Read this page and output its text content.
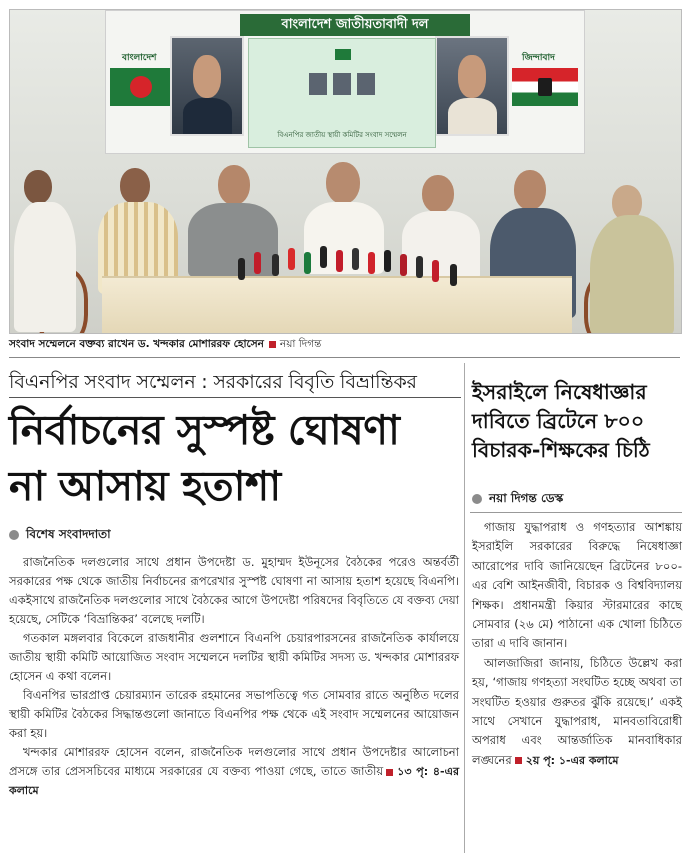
বাংলাদেশ জাতীয়তাবাদী দল
বাংলাদেশ	জিন্দাবাদ
বিএনপির জাতীয় স্থায়ী কমিটির সংবাদ সম্মেলন
সংবাদ সম্মেলনে বক্তব্য রাখেন ড. খন্দকার মোশাররফ হোসেন নয়া দিগন্ত
বিএনপির সংবাদ সম্মেলন : সরকারের বিবৃতি বিভ্রান্তিকর
নির্বাচনের সুস্পষ্ট ঘোষণা
না আসায় হতাশা
বিশেষ সংবাদদাতা

রাজনৈতিক দলগুলোর সাথে প্রধান উপদেষ্টা ড. মুহাম্মদ ইউনূসের বৈঠকের পরেও অন্তর্বর্তী সরকারের পক্ষ থেকে জাতীয় নির্বাচনের রূপরেখার সুস্পষ্ট ঘোষণা না আসায় হতাশ হয়েছে বিএনপি। একইসাথে রাজনৈতিক দলগুলোর সাথে বৈঠকের আগে উপদেষ্টা পরিষদের বিবৃতিতে যে বক্তব্য দেয়া হয়েছে, সেটিকে ‘বিভ্রান্তিকর’ বলেছে দলটি।

গতকাল মঙ্গলবার বিকেলে রাজধানীর গুলশানে বিএনপি চেয়ারপারসনের রাজনৈতিক কার্যালয়ে জাতীয় স্থায়ী কমিটি আয়োজিত সংবাদ সম্মেলনে দলটির স্থায়ী কমিটির সদস্য ড. খন্দকার মোশাররফ হোসেন এ কথা বলেন।

বিএনপির ভারপ্রাপ্ত চেয়ারম্যান তারেক রহমানের সভাপতিত্বে গত সোমবার রাতে অনুষ্ঠিত দলের স্থায়ী কমিটির বৈঠকের সিদ্ধান্তগুলো জানাতে বিএনপির পক্ষ থেকে এই সংবাদ সম্মেলনের আয়োজন করা হয়।

খন্দকার মোশাররফ হোসেন বলেন, রাজনৈতিক দলগুলোর সাথে প্রধান উপদেষ্টার আলোচনা প্রসঙ্গে তার প্রেসসচিবের মাধ্যমে সরকারের যে বক্তব্য পাওয়া গেছে, তাতে জাতীয় ১৩ পৃ: ৪-এর কলামে

ইসরাইলে নিষেধাজ্ঞার দাবিতে ব্রিটেনে ৮০০ বিচারক-শিক্ষকের চিঠি
নয়া দিগন্ত ডেস্ক

গাজায় যুদ্ধাপরাধ ও গণহত্যার আশঙ্কায় ইসরাইলি সরকারের বিরুদ্ধে নিষেধাজ্ঞা আরোপের দাবি জানিয়েছেন ব্রিটেনের ৮০০-এর বেশি আইনজীবী, বিচারক ও বিশ্ববিদ্যালয় শিক্ষক। প্রধানমন্ত্রী কিয়ার স্টারমারের কাছে সোমবার (২৬ মে) পাঠানো এক খোলা চিঠিতে তারা এ দাবি জানান।

আলজাজিরা জানায়, চিঠিতে উল্লেখ করা হয়, ‘গাজায় গণহত্যা সংঘটিত হচ্ছে অথবা তা সংঘটিত হওয়ার গুরুতর ঝুঁকি রয়েছে।’ একই সাথে সেখানে যুদ্ধাপরাধ, মানবতাবিরোধী অপরাধ এবং আন্তর্জাতিক মানবাধিকার লঙ্ঘনের ২য় পৃ: ১-এর কলামে
